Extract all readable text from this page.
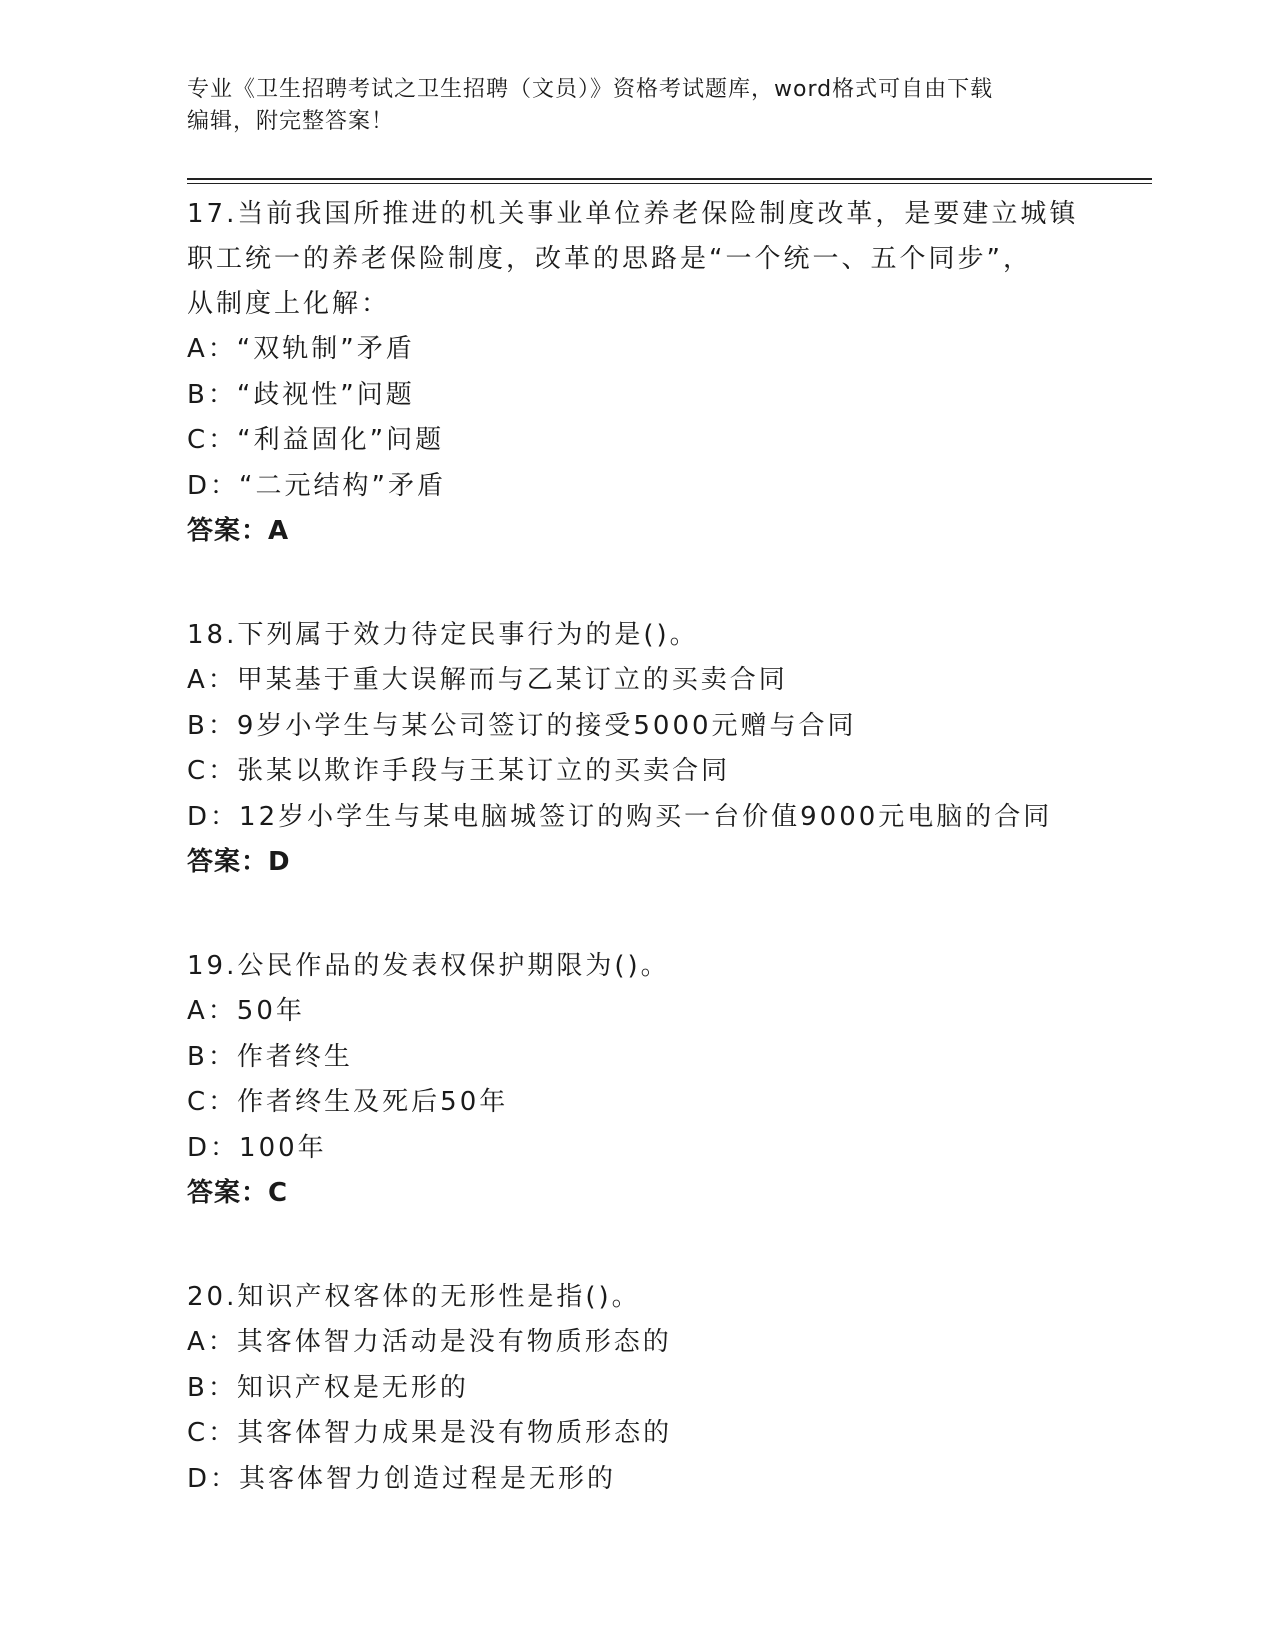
专业《卫生招聘考试之卫生招聘（文员）》资格考试题库，word格式可自由下载
编辑，附完整答案！
17.当前我国所推进的机关事业单位养老保险制度改革，是要建立城镇
职工统一的养老保险制度，改革的思路是“一个统一、五个同步”，
从制度上化解：
A：“双轨制”矛盾
B：“歧视性”问题
C：“利益固化”问题
D：“二元结构”矛盾
答案：A
18.下列属于效力待定民事行为的是()。
A：甲某基于重大误解而与乙某订立的买卖合同
B：9岁小学生与某公司签订的接受5000元赠与合同
C：张某以欺诈手段与王某订立的买卖合同
D：12岁小学生与某电脑城签订的购买一台价值9000元电脑的合同
答案：D
19.公民作品的发表权保护期限为()。
A：50年
B：作者终生
C：作者终生及死后50年
D：100年
答案：C
20.知识产权客体的无形性是指()。
A：其客体智力活动是没有物质形态的
B：知识产权是无形的
C：其客体智力成果是没有物质形态的
D：其客体智力创造过程是无形的
